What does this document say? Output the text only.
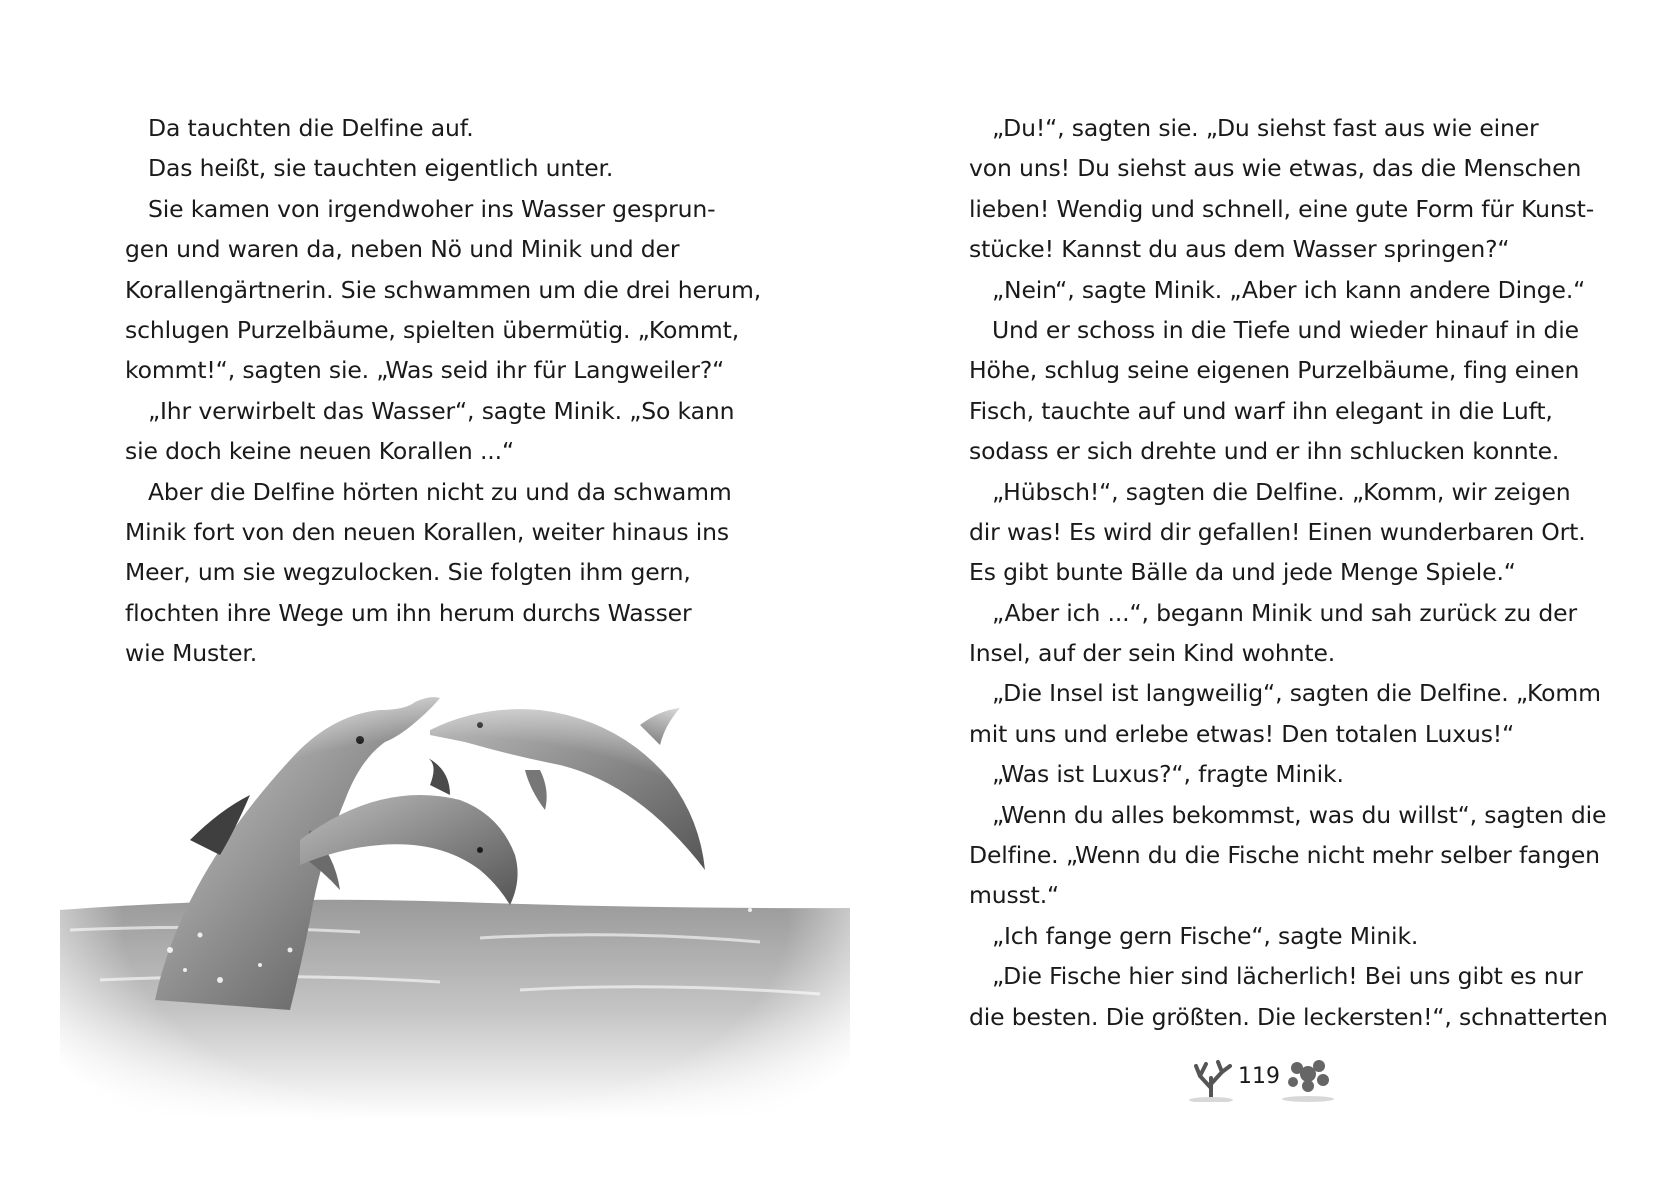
Da tauchten die Delfine auf.
Das heißt, sie tauchten eigentlich unter.
Sie kamen von irgendwoher ins Wasser gesprun-
gen und waren da, neben Nö und Minik und der
Korallengärtnerin. Sie schwammen um die drei herum,
schlugen Purzelbäume, spielten übermütig. „Kommt,
kommt!“, sagten sie. „Was seid ihr für Langweiler?“
„Ihr verwirbelt das Wasser“, sagte Minik. „So kann
sie doch keine neuen Korallen ...“
Aber die Delfine hörten nicht zu und da schwamm
Minik fort von den neuen Korallen, weiter hinaus ins
Meer, um sie wegzulocken. Sie folgten ihm gern,
flochten ihre Wege um ihn herum durchs Wasser
wie Muster.
„Du!“, sagten sie. „Du siehst fast aus wie einer
von uns! Du siehst aus wie etwas, das die Menschen
lieben! Wendig und schnell, eine gute Form für Kunst-
stücke! Kannst du aus dem Wasser springen?“
„Nein“, sagte Minik. „Aber ich kann andere Dinge.“
Und er schoss in die Tiefe und wieder hinauf in die
Höhe, schlug seine eigenen Purzelbäume, fing einen
Fisch, tauchte auf und warf ihn elegant in die Luft,
sodass er sich drehte und er ihn schlucken konnte.
„Hübsch!“, sagten die Delfine. „Komm, wir zeigen
dir was! Es wird dir gefallen! Einen wunderbaren Ort.
Es gibt bunte Bälle da und jede Menge Spiele.“
„Aber ich ...“, begann Minik und sah zurück zu der
Insel, auf der sein Kind wohnte.
„Die Insel ist langweilig“, sagten die Delfine. „Komm
mit uns und erlebe etwas! Den totalen Luxus!“
„Was ist Luxus?“, fragte Minik.
„Wenn du alles bekommst, was du willst“, sagten die
Delfine. „Wenn du die Fische nicht mehr selber fangen
musst.“
„Ich fange gern Fische“, sagte Minik.
„Die Fische hier sind lächerlich! Bei uns gibt es nur
die besten. Die größten. Die leckersten!“, schnatterten
119
